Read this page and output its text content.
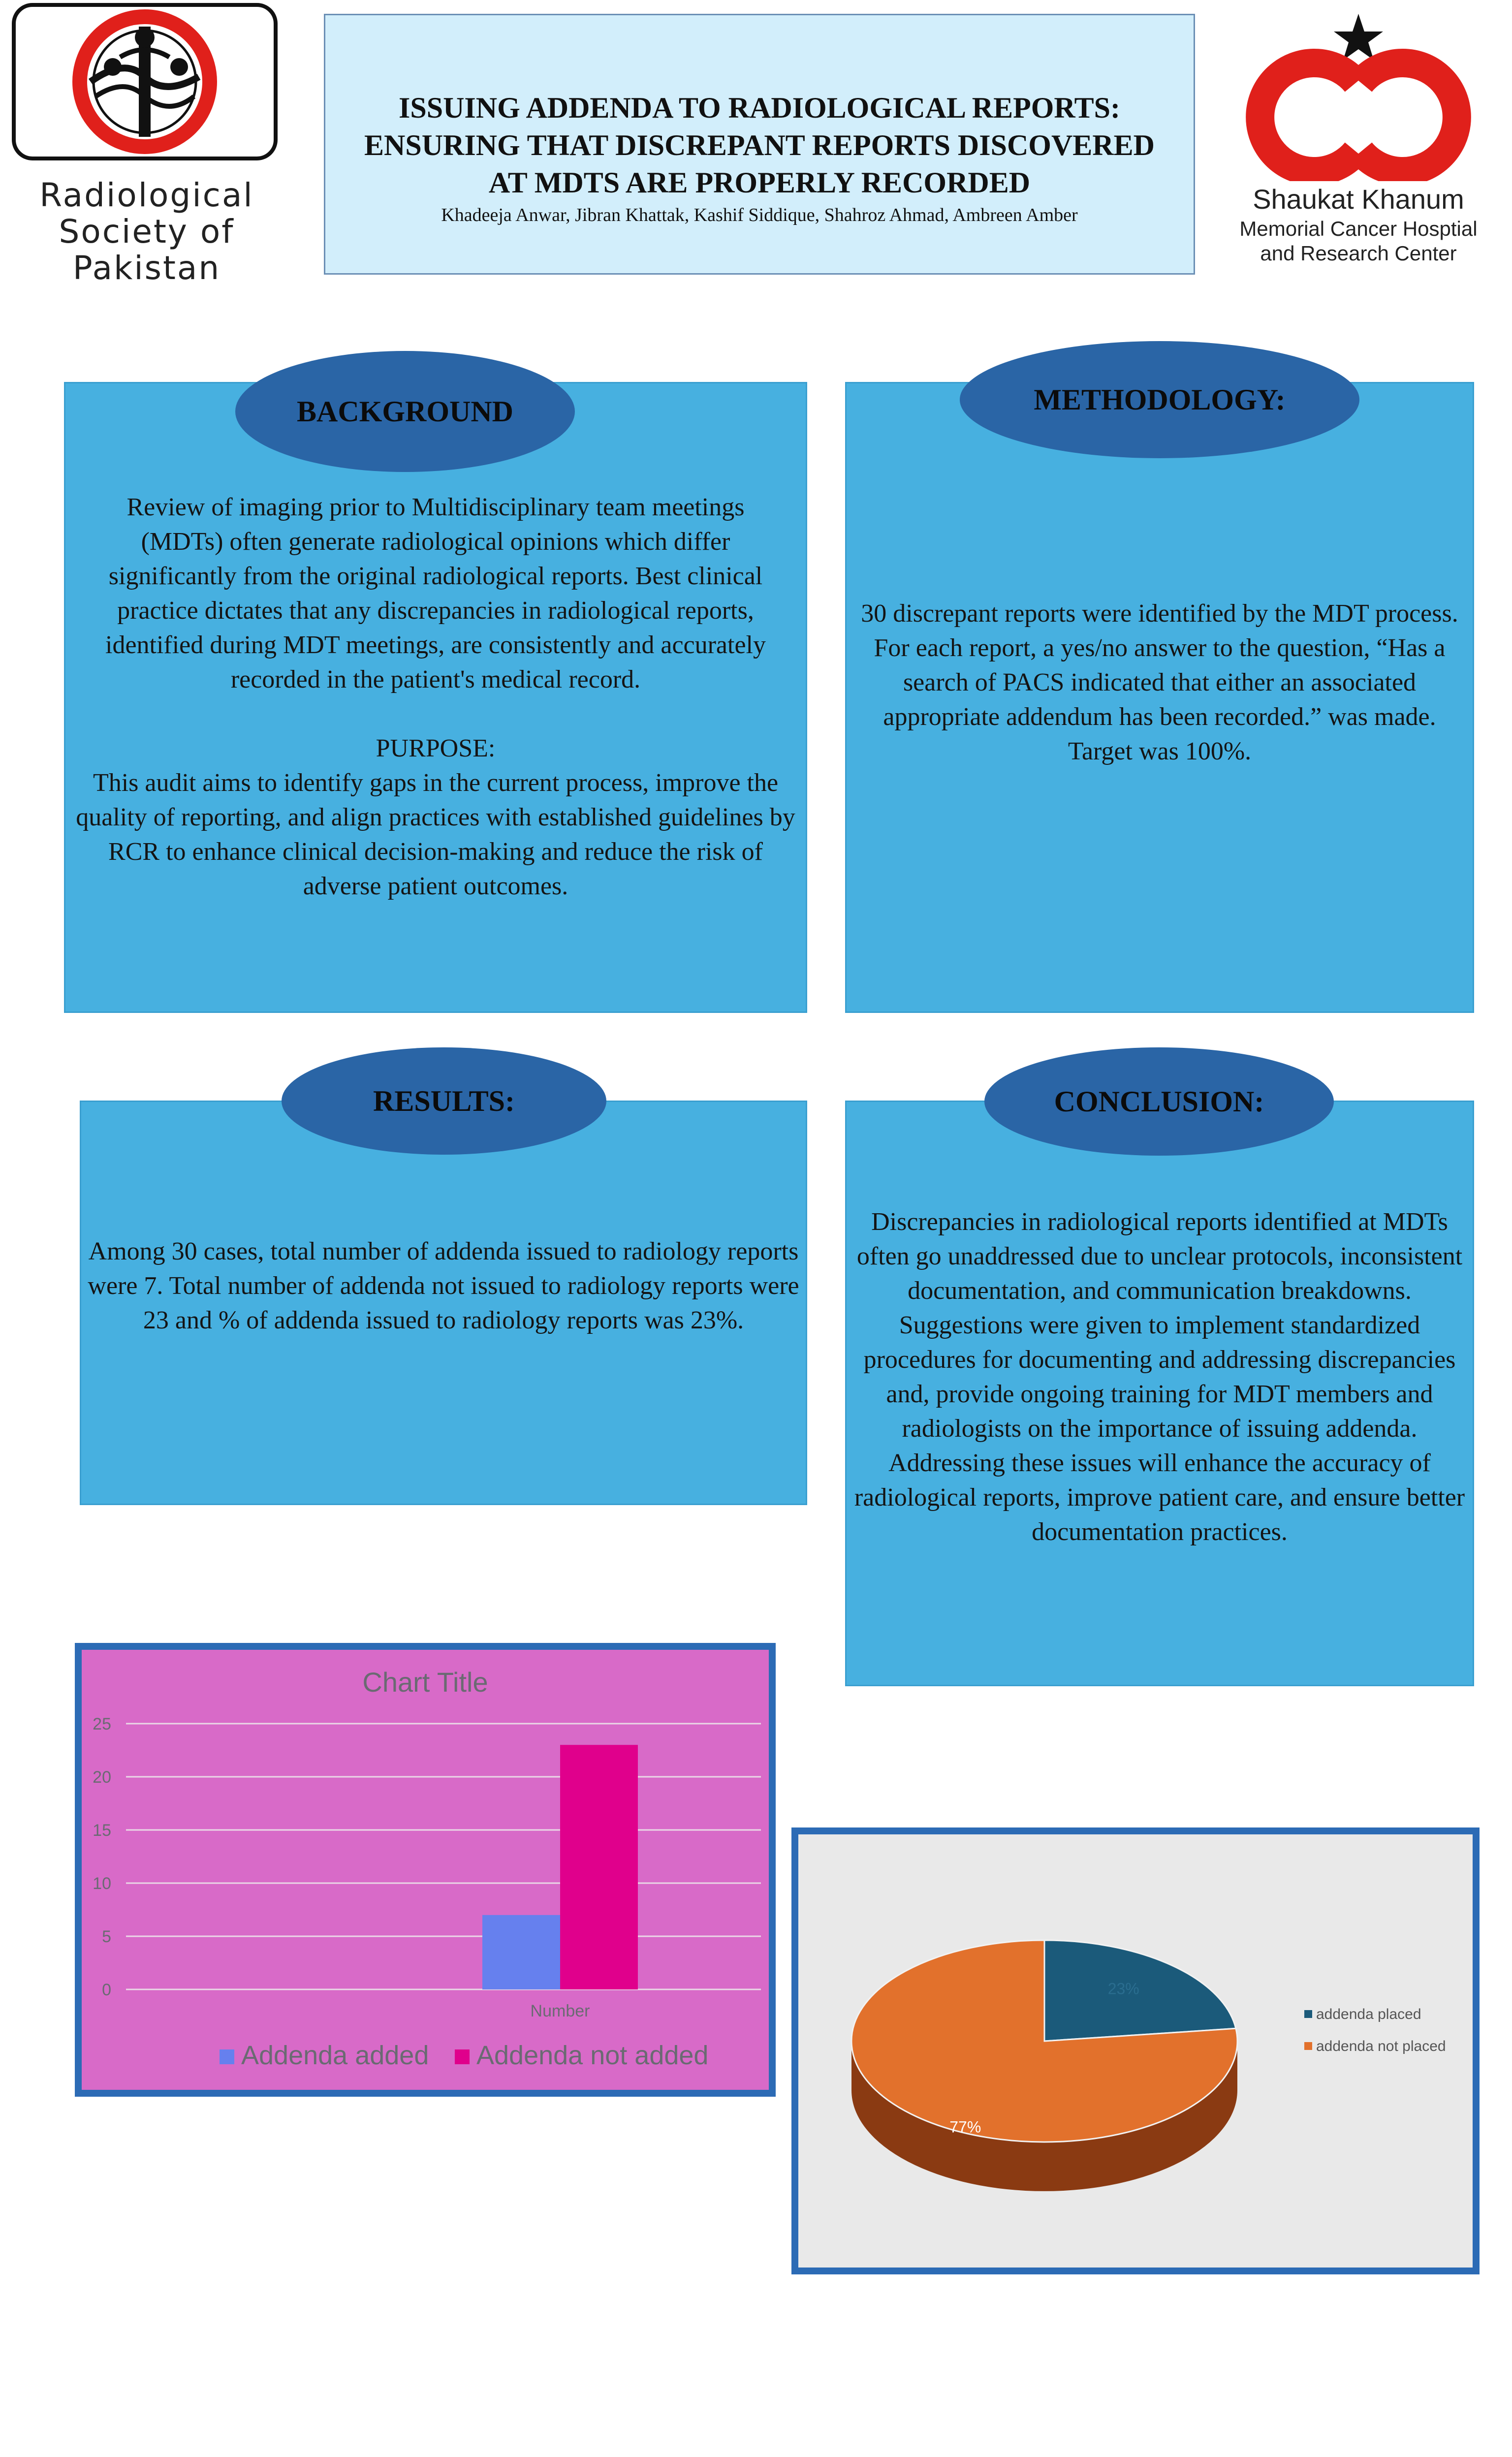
Radiological
Society of
Pakistan
ISSUING ADDENDA TO RADIOLOGICAL REPORTS:
ENSURING THAT DISCREPANT REPORTS DISCOVERED
AT MDTS ARE PROPERLY RECORDED
Khadeeja Anwar, Jibran Khattak, Kashif Siddique, Shahroz Ahmad, Ambreen Amber
Shaukat Khanum
Memorial Cancer Hosptial
and Research Center
BACKGROUND
Review of imaging prior to Multidisciplinary team meetings (MDTs) often generate radiological opinions which differ significantly from the original radiological reports. Best clinical practice dictates that any discrepancies in radiological reports, identified during MDT meetings, are consistently and accurately recorded in the patient's medical record.
PURPOSE:
This audit aims to identify gaps in the current process, improve the quality of reporting, and align practices with established guidelines by RCR to enhance clinical decision-making and reduce the risk of adverse patient outcomes.
METHODOLOGY:
30 discrepant reports were identified by the MDT process. For each report, a yes/no answer to the question, “Has a search of PACS indicated that either an associated appropriate addendum has been recorded.” was made. Target was 100%.
RESULTS:
Among 30 cases, total number of addenda issued to radiology reports were 7. Total number of addenda not issued to radiology reports were 23 and % of addenda issued to radiology reports was 23%.
CONCLUSION:
Discrepancies in radiological reports identified at MDTs often go unaddressed due to unclear protocols, inconsistent documentation, and communication breakdowns. Suggestions were given to implement standardized procedures for documenting and addressing discrepancies and, provide ongoing training for MDT members and radiologists on the importance of issuing addenda. Addressing these issues will enhance the accuracy of radiological reports, improve patient care, and ensure better documentation practices.
Chart Title
0
5
10
15
20
25
Number
Addenda added Addenda not added
23%
77%
addenda placed
addenda not placed
